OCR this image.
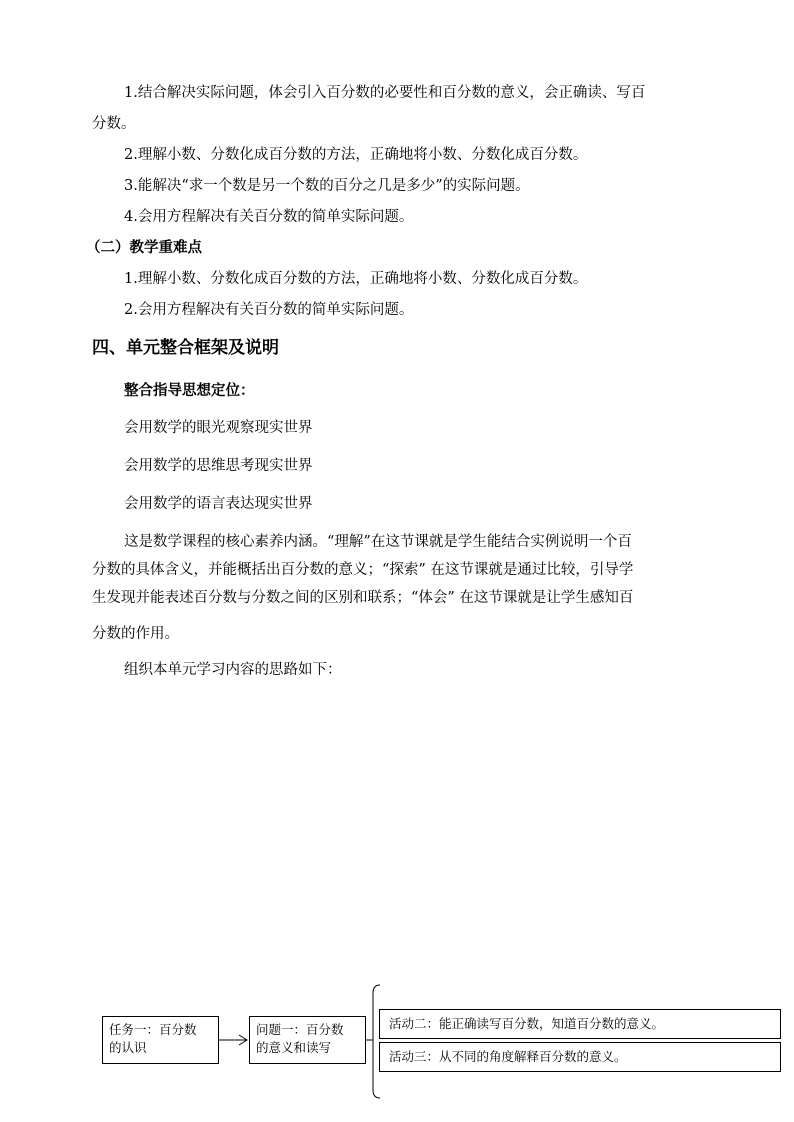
1.结合解决实际问题，体会引入百分数的必要性和百分数的意义，会正确读、写百
分数。
2.理解小数、分数化成百分数的方法，正确地将小数、分数化成百分数。
3.能解决“求一个数是另一个数的百分之几是多少”的实际问题。
4.会用方程解决有关百分数的简单实际问题。
（二）教学重难点
1.理解小数、分数化成百分数的方法，正确地将小数、分数化成百分数。
2.会用方程解决有关百分数的简单实际问题。
四、单元整合框架及说明
整合指导思想定位：
会用数学的眼光观察现实世界
会用数学的思维思考现实世界
会用数学的语言表达现实世界
这是数学课程的核心素养内涵。“理解”在这节课就是学生能结合实例说明一个百
分数的具体含义，并能概括出百分数的意义；“探索” 在这节课就是通过比较，引导学
生发现并能表述百分数与分数之间的区别和联系；“体会” 在这节课就是让学生感知百
分数的作用。
组织本单元学习内容的思路如下：
任务一：百分数
的认识
问题一：百分数
的意义和读写
活动二：能正确读写百分数，知道百分数的意义。
活动三：从不同的角度解释百分数的意义。
